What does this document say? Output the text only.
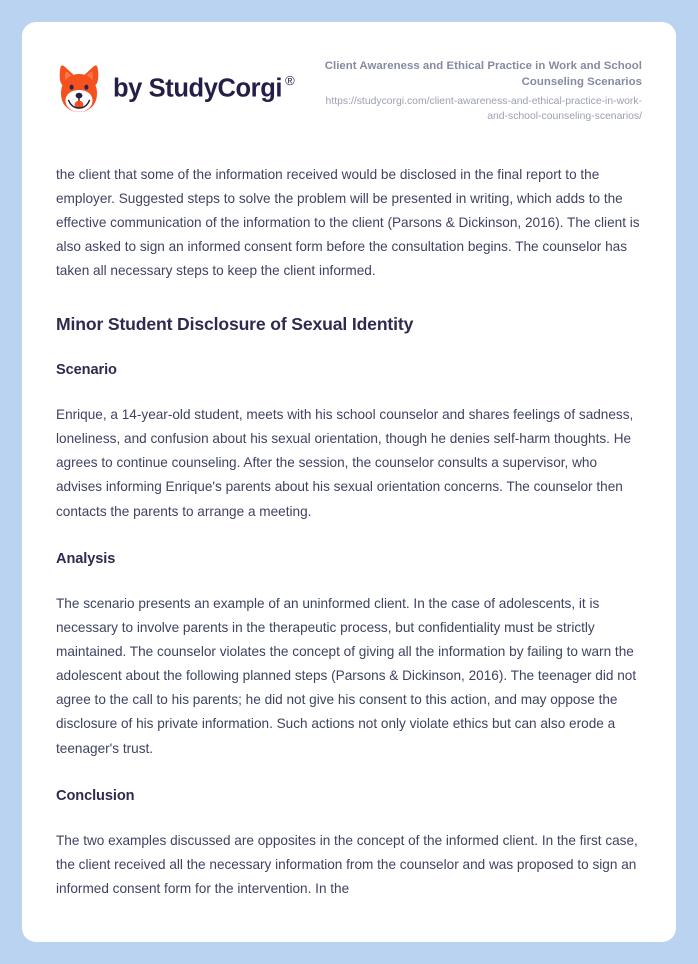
by StudyCorgi ®

Client Awareness and Ethical Practice in Work and School Counseling Scenarios

https://studycorgi.com/client-awareness-and-ethical-practice-in-work-and-school-counseling-scenarios/

the client that some of the information received would be disclosed in the final report to the employer. Suggested steps to solve the problem will be presented in writing, which adds to the effective communication of the information to the client (Parsons & Dickinson, 2016). The client is also asked to sign an informed consent form before the consultation begins. The counselor has taken all necessary steps to keep the client informed.

Minor Student Disclosure of Sexual Identity
Scenario

Enrique, a 14-year-old student, meets with his school counselor and shares feelings of sadness, loneliness, and confusion about his sexual orientation, though he denies self-harm thoughts. He agrees to continue counseling. After the session, the counselor consults a supervisor, who advises informing Enrique's parents about his sexual orientation concerns. The counselor then contacts the parents to arrange a meeting.

Analysis

The scenario presents an example of an uninformed client. In the case of adolescents, it is necessary to involve parents in the therapeutic process, but confidentiality must be strictly maintained. The counselor violates the concept of giving all the information by failing to warn the adolescent about the following planned steps (Parsons & Dickinson, 2016). The teenager did not agree to the call to his parents; he did not give his consent to this action, and may oppose the disclosure of his private information. Such actions not only violate ethics but can also erode a teenager's trust.

Conclusion

The two examples discussed are opposites in the concept of the informed client. In the first case, the client received all the necessary information from the counselor and was proposed to sign an informed consent form for the intervention. In the
